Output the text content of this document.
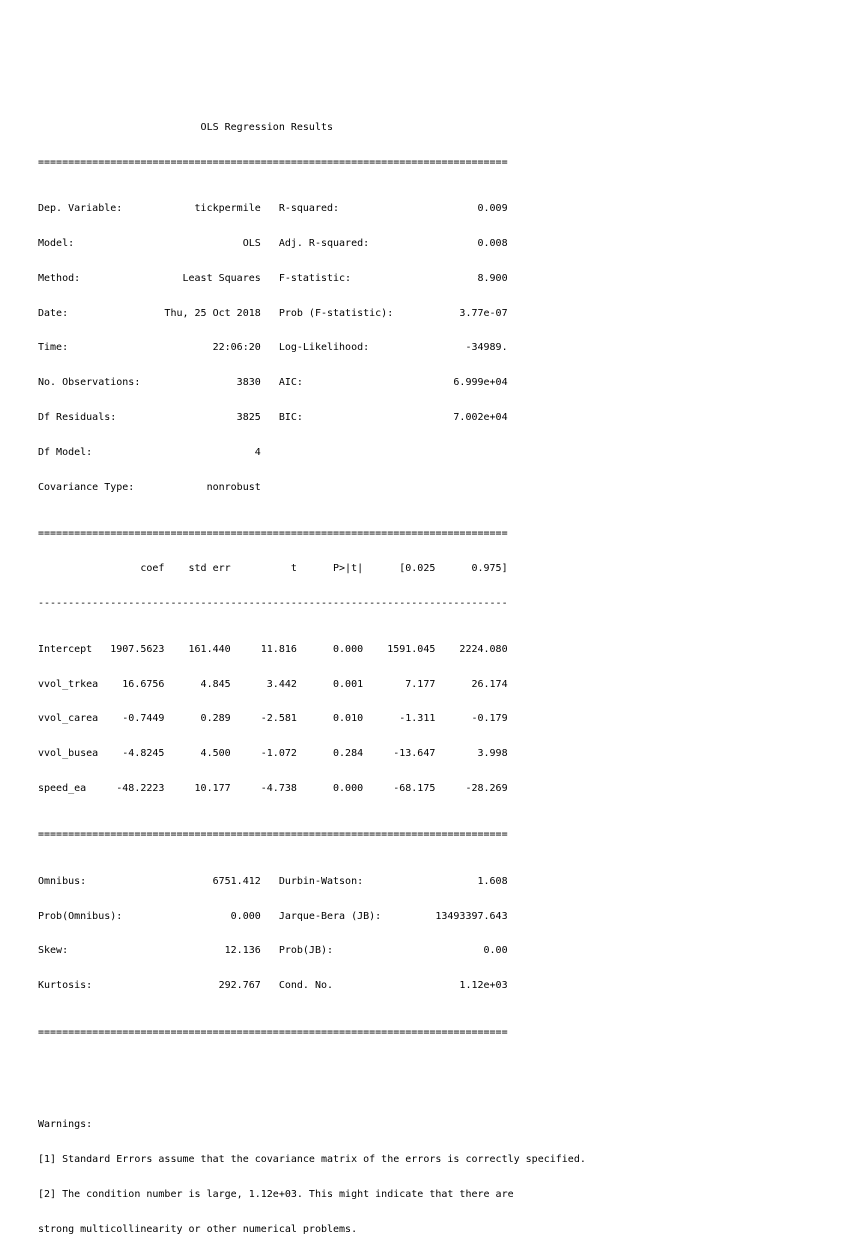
OLS Regression Results

==============================================================================

Dep. Variable:            tickpermile   R-squared:                       0.009

Model:                            OLS   Adj. R-squared:                  0.008

Method:                 Least Squares   F-statistic:                     8.900

Date:                Thu, 25 Oct 2018   Prob (F-statistic):           3.77e-07

Time:                        22:06:20   Log-Likelihood:                -34989.

No. Observations:                3830   AIC:                         6.999e+04

Df Residuals:                    3825   BIC:                         7.002e+04

Df Model:                           4

Covariance Type:            nonrobust

==============================================================================

coef    std err          t      P>|t|      [0.025      0.975]

------------------------------------------------------------------------------

Intercept   1907.5623    161.440     11.816      0.000    1591.045    2224.080

vvol_trkea    16.6756      4.845      3.442      0.001       7.177      26.174

vvol_carea    -0.7449      0.289     -2.581      0.010      -1.311      -0.179

vvol_busea    -4.8245      4.500     -1.072      0.284     -13.647       3.998

speed_ea     -48.2223     10.177     -4.738      0.000     -68.175     -28.269

==============================================================================

Omnibus:                     6751.412   Durbin-Watson:                   1.608

Prob(Omnibus):                  0.000   Jarque-Bera (JB):         13493397.643

Skew:                          12.136   Prob(JB):                         0.00

Kurtosis:                     292.767   Cond. No.                     1.12e+03

==============================================================================

Warnings:

[1] Standard Errors assume that the covariance matrix of the errors is correctly specified.

[2] The condition number is large, 1.12e+03. This might indicate that there are

strong multicollinearity or other numerical problems.
